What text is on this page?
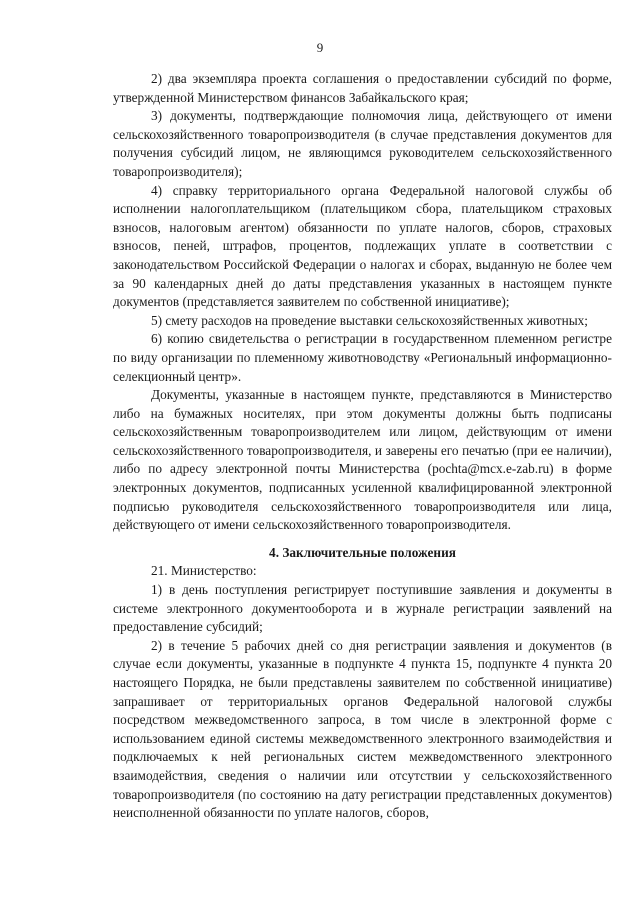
9

2) два экземпляра проекта соглашения о предоставлении субсидий по форме, утвержденной Министерством финансов Забайкальского края;

3) документы, подтверждающие полномочия лица, действующего от имени сельскохозяйственного товаропроизводителя (в случае представления документов для получения субсидий лицом, не являющимся руководителем сельскохозяйственного товаропроизводителя);

4) справку территориального органа Федеральной налоговой службы об исполнении налогоплательщиком (плательщиком сбора, плательщиком страховых взносов, налоговым агентом) обязанности по уплате налогов, сборов, страховых взносов, пеней, штрафов, процентов, подлежащих уплате в соответствии с законодательством Российской Федерации о налогах и сборах, выданную не более чем за 90 календарных дней до даты представления указанных в настоящем пункте документов (представляется заявителем по собственной инициативе);

5) смету расходов на проведение выставки сельскохозяйственных животных;

6) копию свидетельства о регистрации в государственном племенном регистре по виду организации по племенному животноводству «Региональный информационно-селекционный центр».

Документы, указанные в настоящем пункте, представляются в Министерство либо на бумажных носителях, при этом документы должны быть подписаны сельскохозяйственным товаропроизводителем или лицом, действующим от имени сельскохозяйственного товаропроизводителя, и заверены его печатью (при ее наличии), либо по адресу электронной почты Министерства (pochta@mcx.e-zab.ru) в форме электронных документов, подписанных усиленной квалифицированной электронной подписью руководителя сельскохозяйственного товаропроизводителя или лица, действующего от имени сельскохозяйственного товаропроизводителя.

4. Заключительные положения

21. Министерство:

1) в день поступления регистрирует поступившие заявления и документы в системе электронного документооборота и в журнале регистрации заявлений на предоставление субсидий;

2) в течение 5 рабочих дней со дня регистрации заявления и документов (в случае если документы, указанные в подпункте 4 пункта 15, подпункте 4 пункта 20 настоящего Порядка, не были представлены заявителем по собственной инициативе) запрашивает от территориальных органов Федеральной налоговой службы посредством межведомственного запроса, в том числе в электронной форме с использованием единой системы межведомственного электронного взаимодействия и подключаемых к ней региональных систем межведомственного электронного взаимодействия, сведения о наличии или отсутствии у сельскохозяйственного товаропроизводителя (по состоянию на дату регистрации представленных документов) неисполненной обязанности по уплате налогов, сборов,
